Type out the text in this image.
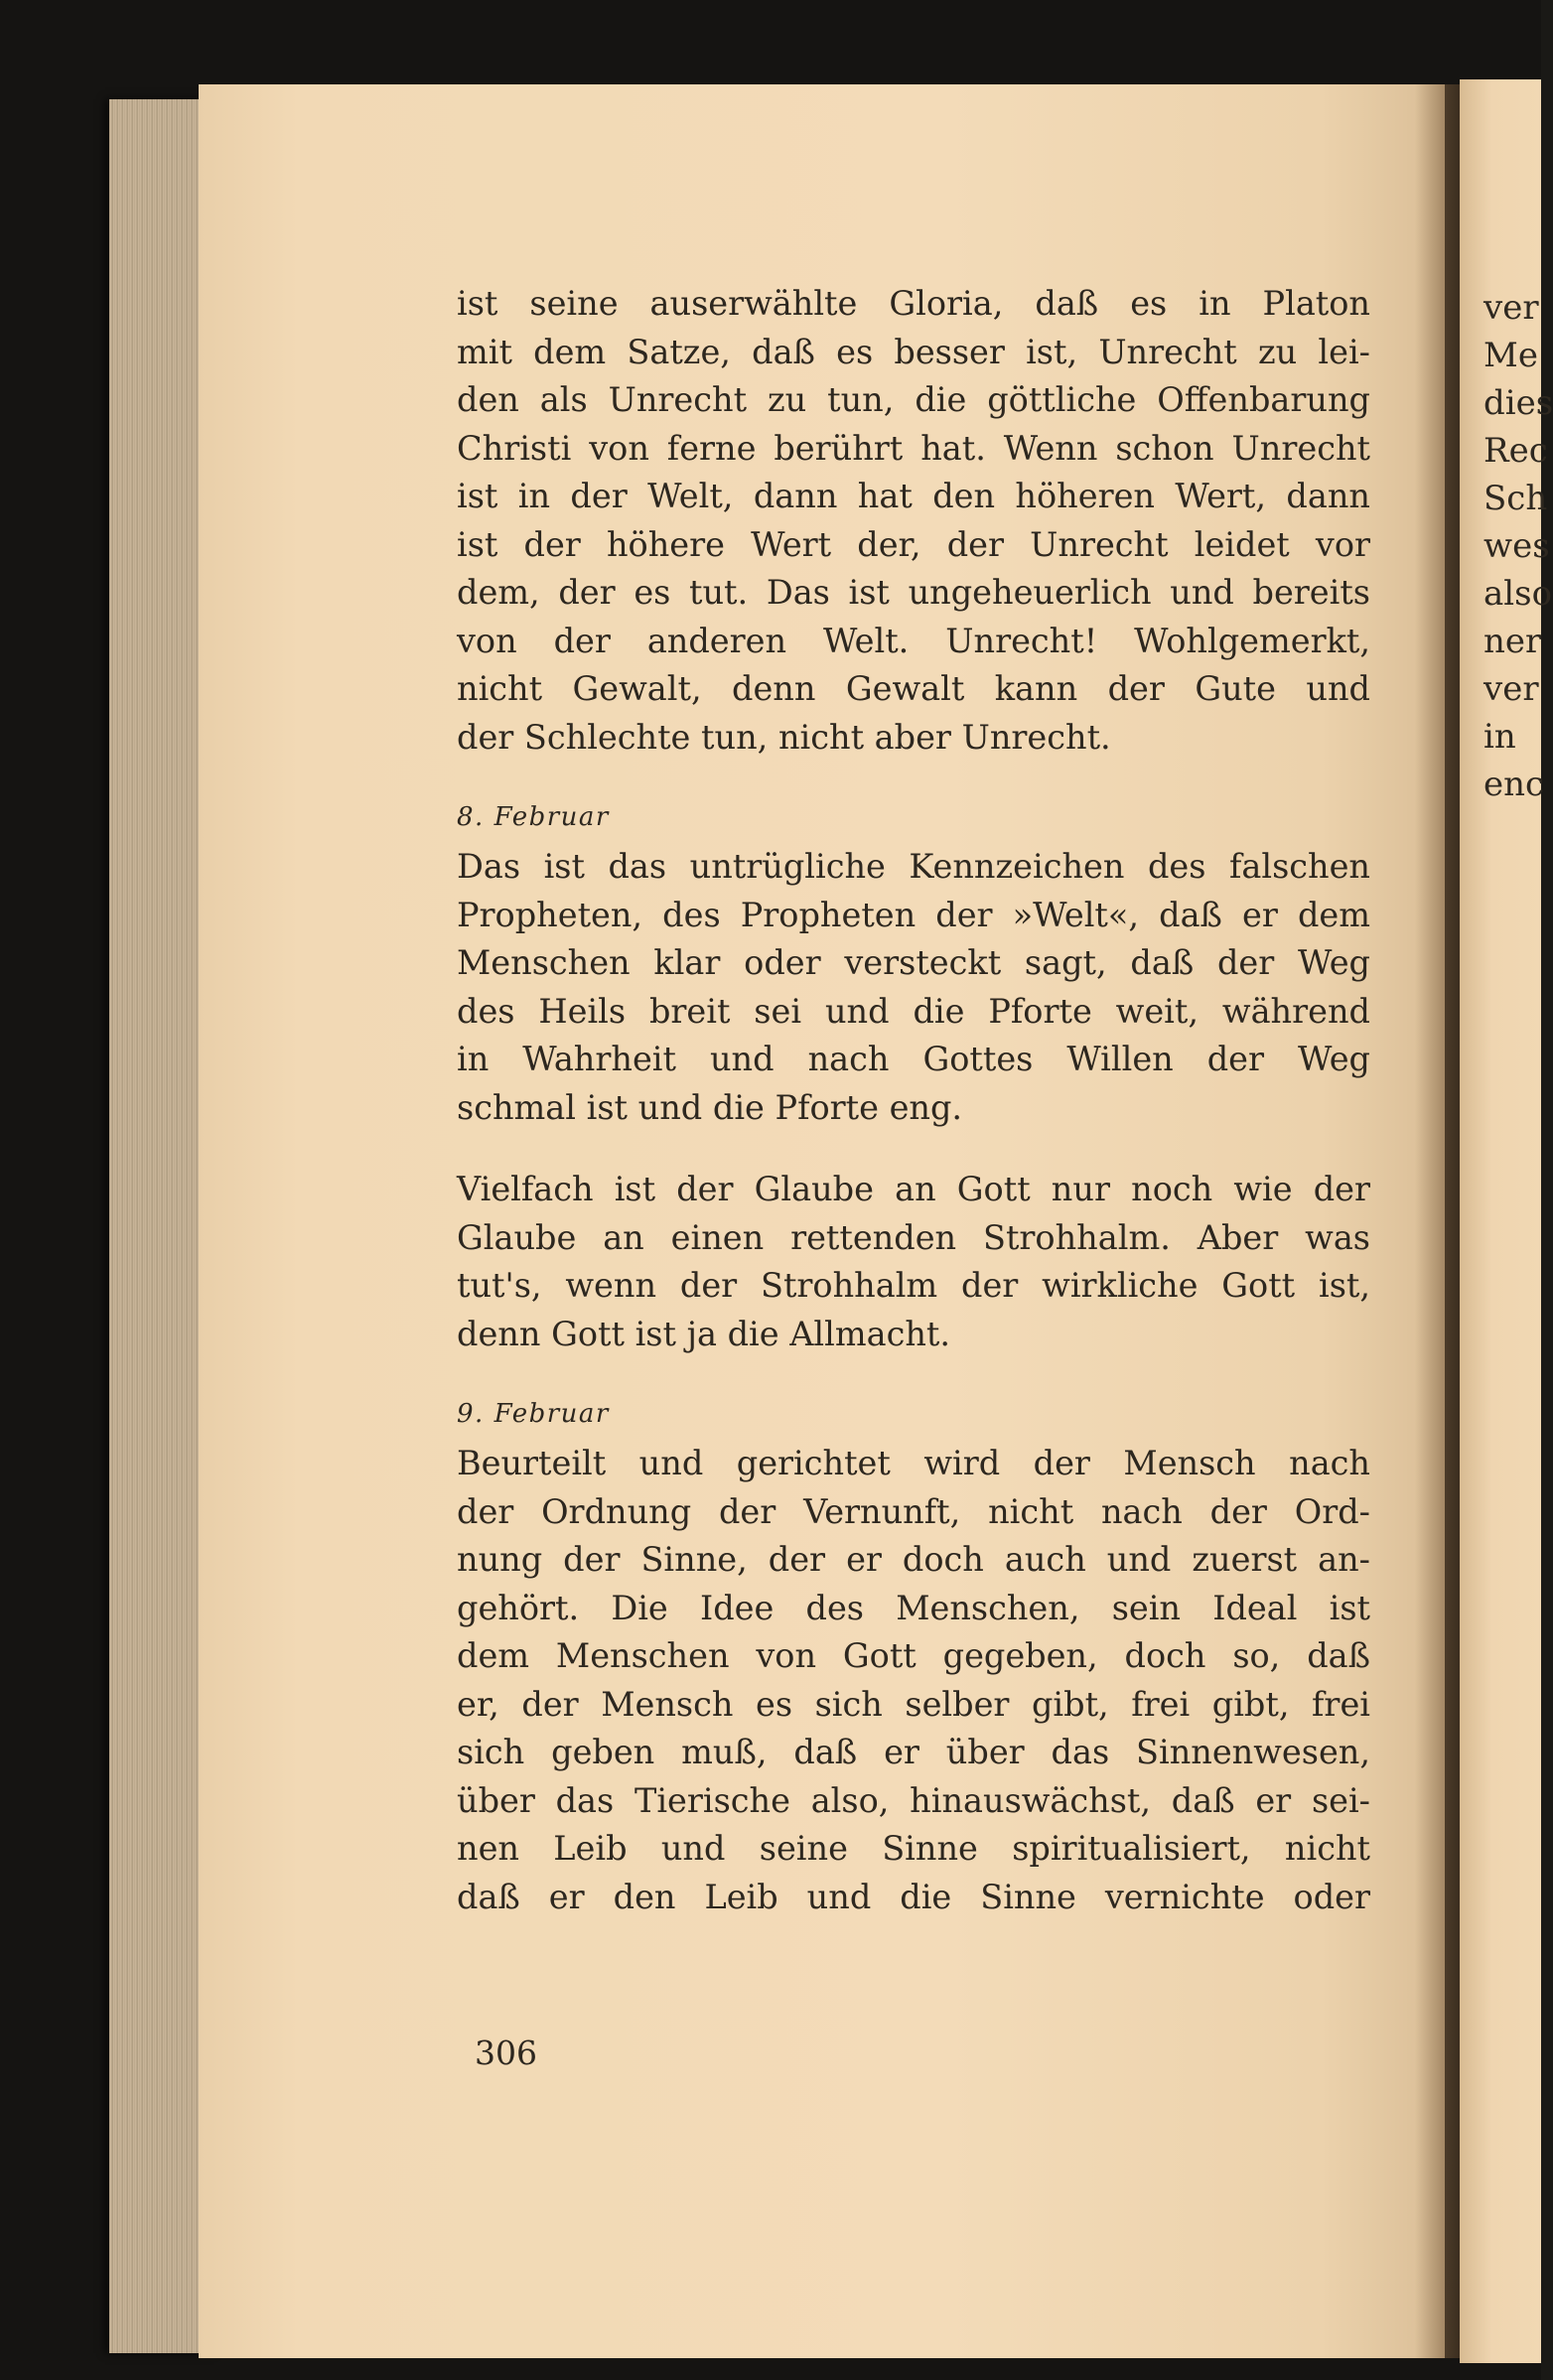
ver
Me
dies
Rec
Sch
wes
also
ner
ver
in
enc
ist seine auserwählte Gloria, daß es in Platon
mit dem Satze, daß es besser ist, Unrecht zu lei-
den als Unrecht zu tun, die göttliche Offenbarung
Christi von ferne berührt hat. Wenn schon Unrecht
ist in der Welt, dann hat den höheren Wert, dann
ist der höhere Wert der, der Unrecht leidet vor
dem, der es tut. Das ist ungeheuerlich und bereits
von der anderen Welt. Unrecht! Wohlgemerkt,
nicht Gewalt, denn Gewalt kann der Gute und
der Schlechte tun, nicht aber Unrecht.
8. Februar
Das ist das untrügliche Kennzeichen des falschen
Propheten, des Propheten der »Welt«, daß er dem
Menschen klar oder versteckt sagt, daß der Weg
des Heils breit sei und die Pforte weit, während
in Wahrheit und nach Gottes Willen der Weg
schmal ist und die Pforte eng.
Vielfach ist der Glaube an Gott nur noch wie der
Glaube an einen rettenden Strohhalm. Aber was
tut's, wenn der Strohhalm der wirkliche Gott ist,
denn Gott ist ja die Allmacht.
9. Februar
Beurteilt und gerichtet wird der Mensch nach
der Ordnung der Vernunft, nicht nach der Ord-
nung der Sinne, der er doch auch und zuerst an-
gehört. Die Idee des Menschen, sein Ideal ist
dem Menschen von Gott gegeben, doch so, daß
er, der Mensch es sich selber gibt, frei gibt, frei
sich geben muß, daß er über das Sinnenwesen,
über das Tierische also, hinauswächst, daß er sei-
nen Leib und seine Sinne spiritualisiert, nicht
daß er den Leib und die Sinne vernichte oder
306
